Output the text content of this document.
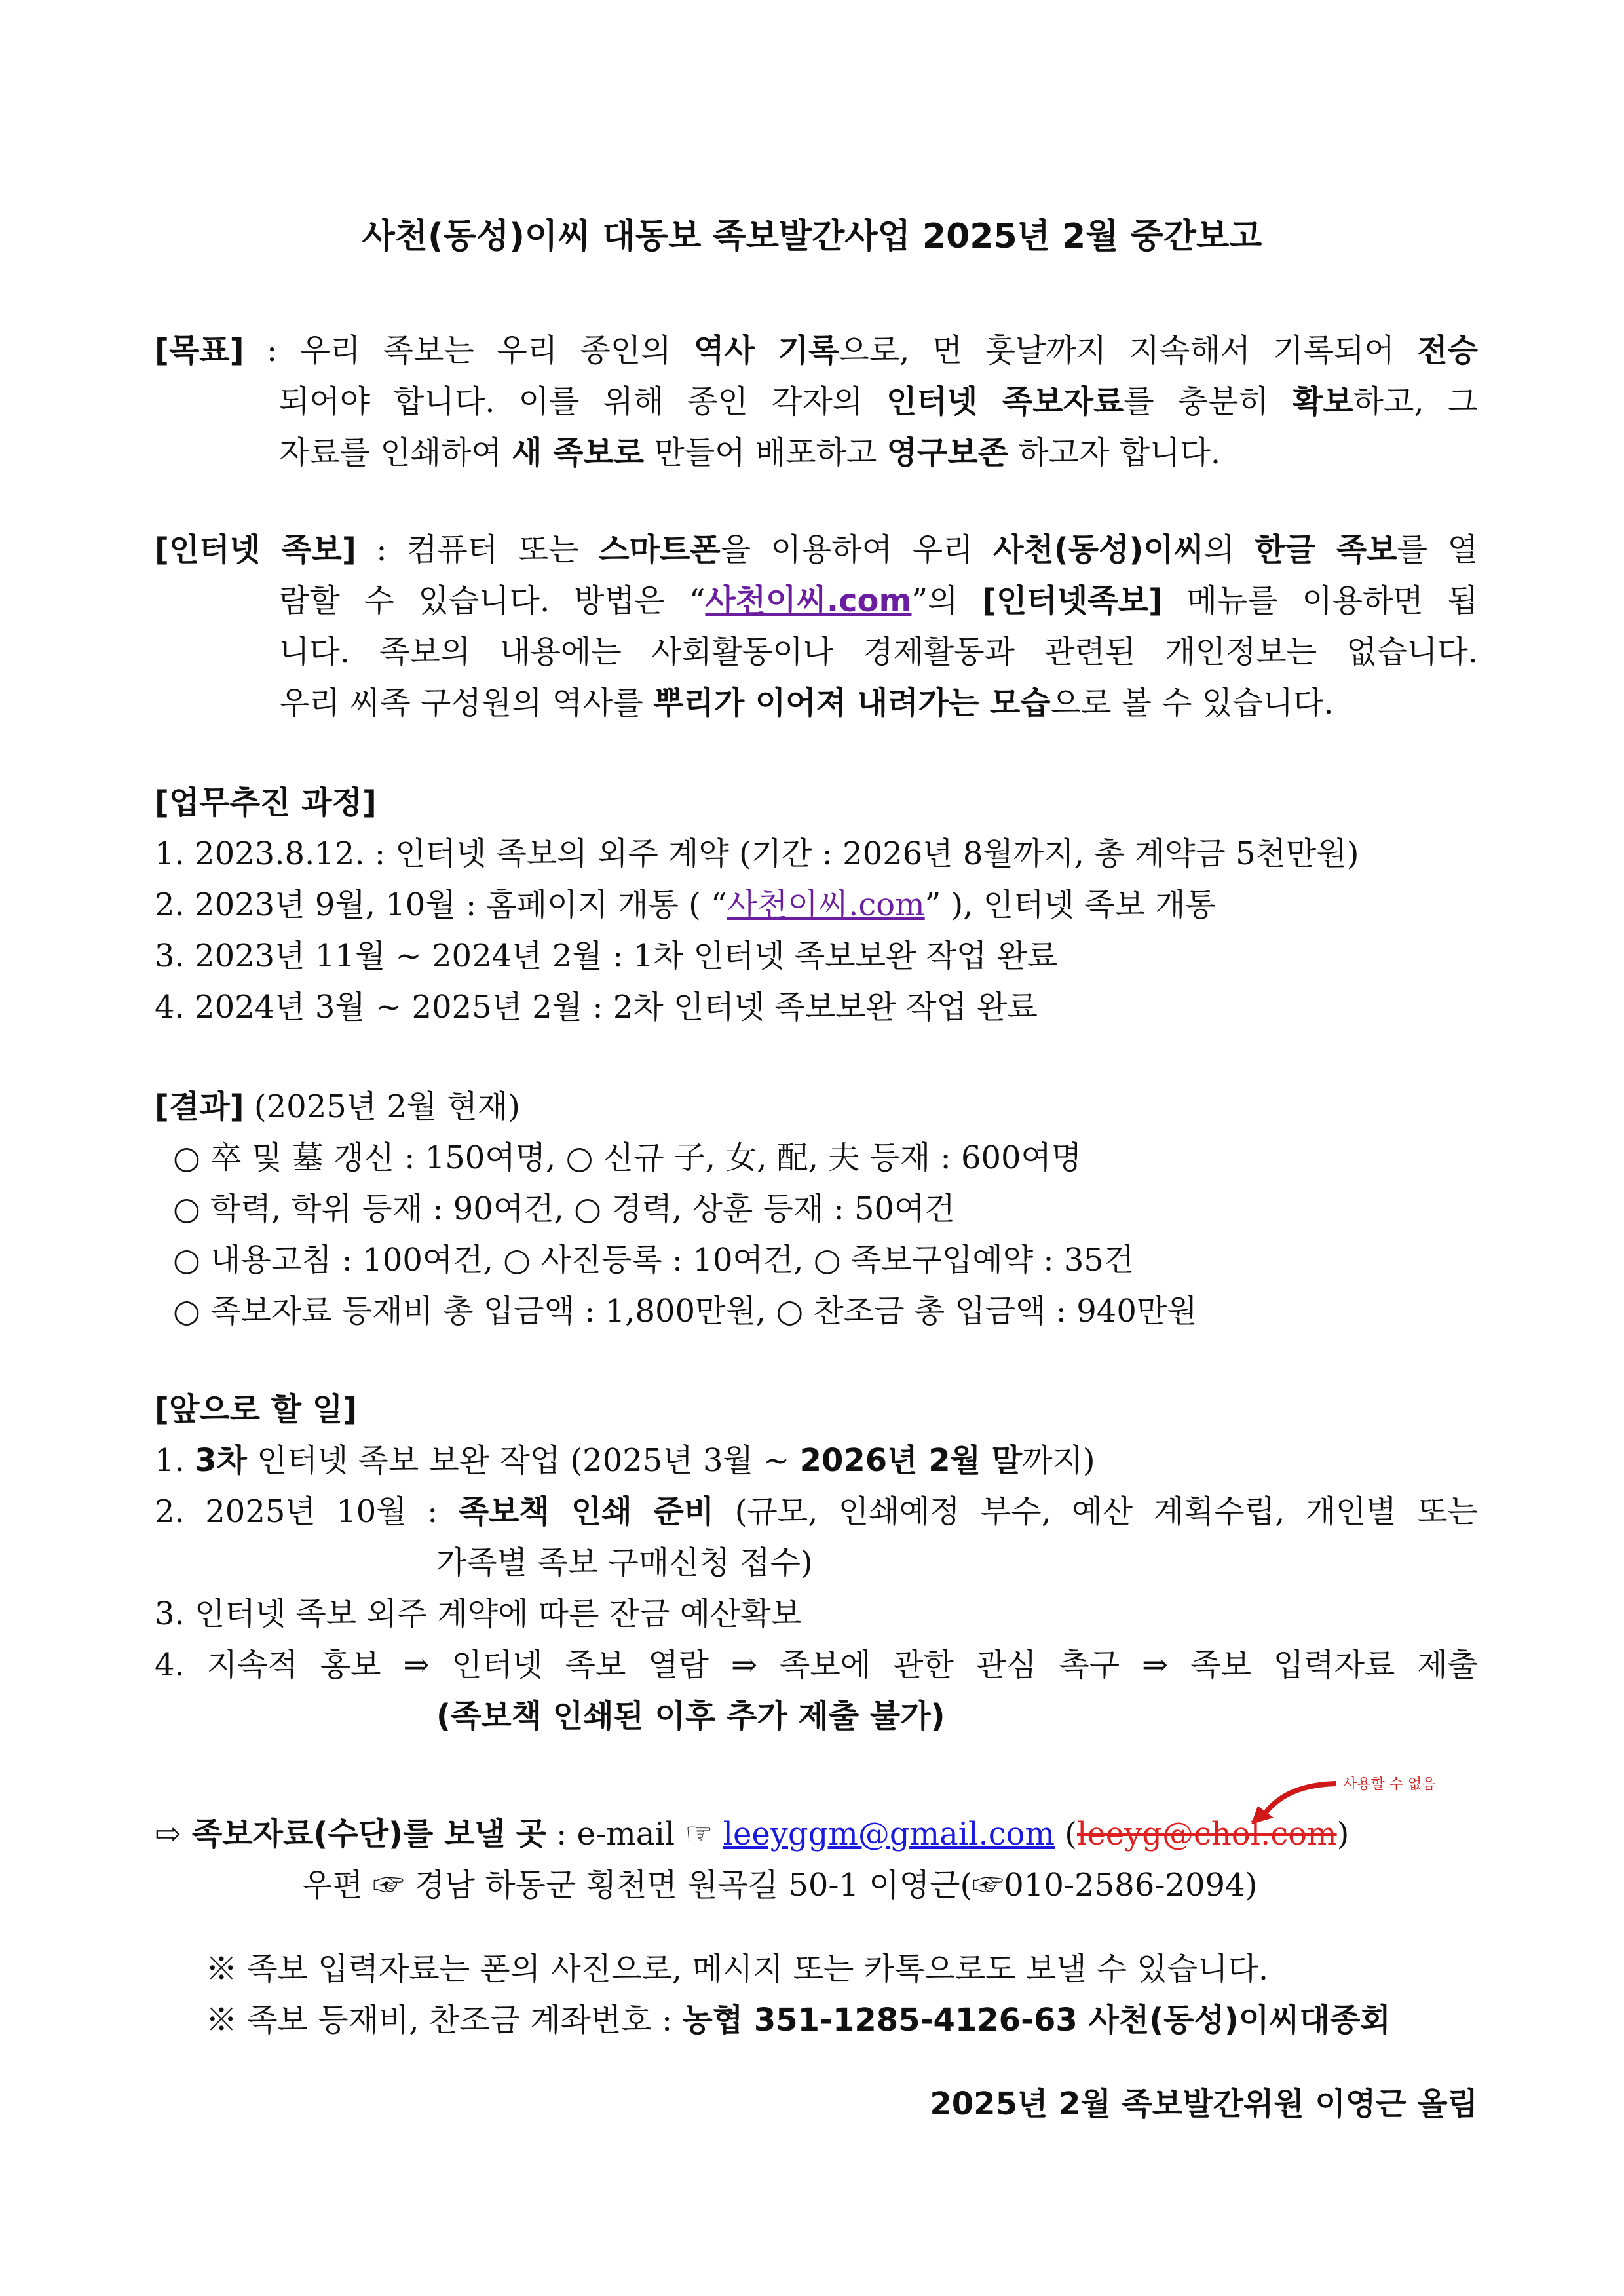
사천(동성)이씨 대동보 족보발간사업 2025년 2월 중간보고
[목표] : 우리 족보는 우리 종인의 역사 기록으로, 먼 훗날까지 지속해서 기록되어 전승
되어야 합니다. 이를 위해 종인 각자의 인터넷 족보자료를 충분히 확보하고, 그
자료를 인쇄하여 새 족보로 만들어 배포하고 영구보존 하고자 합니다.
[인터넷 족보] : 컴퓨터 또는 스마트폰을 이용하여 우리 사천(동성)이씨의 한글 족보를 열
람할 수 있습니다. 방법은 “사천이씨.com”의 [인터넷족보] 메뉴를 이용하면 됩
니다. 족보의 내용에는 사회활동이나 경제활동과 관련된 개인정보는 없습니다.
우리 씨족 구성원의 역사를 뿌리가 이어져 내려가는 모습으로 볼 수 있습니다.
[업무추진 과정]
1. 2023.8.12. : 인터넷 족보의 외주 계약 (기간 : 2026년 8월까지, 총 계약금 5천만원)
2. 2023년 9월, 10월 : 홈페이지 개통 ( “사천이씨.com” ), 인터넷 족보 개통
3. 2023년 11월 ~ 2024년 2월 : 1차 인터넷 족보보완 작업 완료
4. 2024년 3월 ~ 2025년 2월 : 2차 인터넷 족보보완 작업 완료
[결과] (2025년 2월 현재)
○ 卒 및 墓 갱신 : 150여명, ○ 신규 子, 女, 配, 夫 등재 : 600여명
○ 학력, 학위 등재 : 90여건, ○ 경력, 상훈 등재 : 50여건
○ 내용고침 : 100여건, ○ 사진등록 : 10여건, ○ 족보구입예약 : 35건
○ 족보자료 등재비 총 입금액 : 1,800만원, ○ 찬조금 총 입금액 : 940만원
[앞으로 할 일]
1. 3차 인터넷 족보 보완 작업 (2025년 3월 ~ 2026년 2월 말까지)
2. 2025년 10월 : 족보책 인쇄 준비 (규모, 인쇄예정 부수, 예산 계획수립, 개인별 또는
가족별 족보 구매신청 접수)
3. 인터넷 족보 외주 계약에 따른 잔금 예산확보
4. 지속적 홍보 ⇒ 인터넷 족보 열람 ⇒ 족보에 관한 관심 촉구 ⇒ 족보 입력자료 제출
(족보책 인쇄된 이후 추가 제출 불가)
사용할 수 없음
⇨ 족보자료(수단)를 보낼 곳 : e-mail ☞ leeyggm@gmail.com (leeyg@chol.com)
우편 ☞ 경남 하동군 횡천면 원곡길 50-1 이영근(☞010-2586-2094)
※ 족보 입력자료는 폰의 사진으로, 메시지 또는 카톡으로도 보낼 수 있습니다.
※ 족보 등재비, 찬조금 계좌번호 : 농협 351-1285-4126-63 사천(동성)이씨대종회
2025년 2월 족보발간위원 이영근 올림
